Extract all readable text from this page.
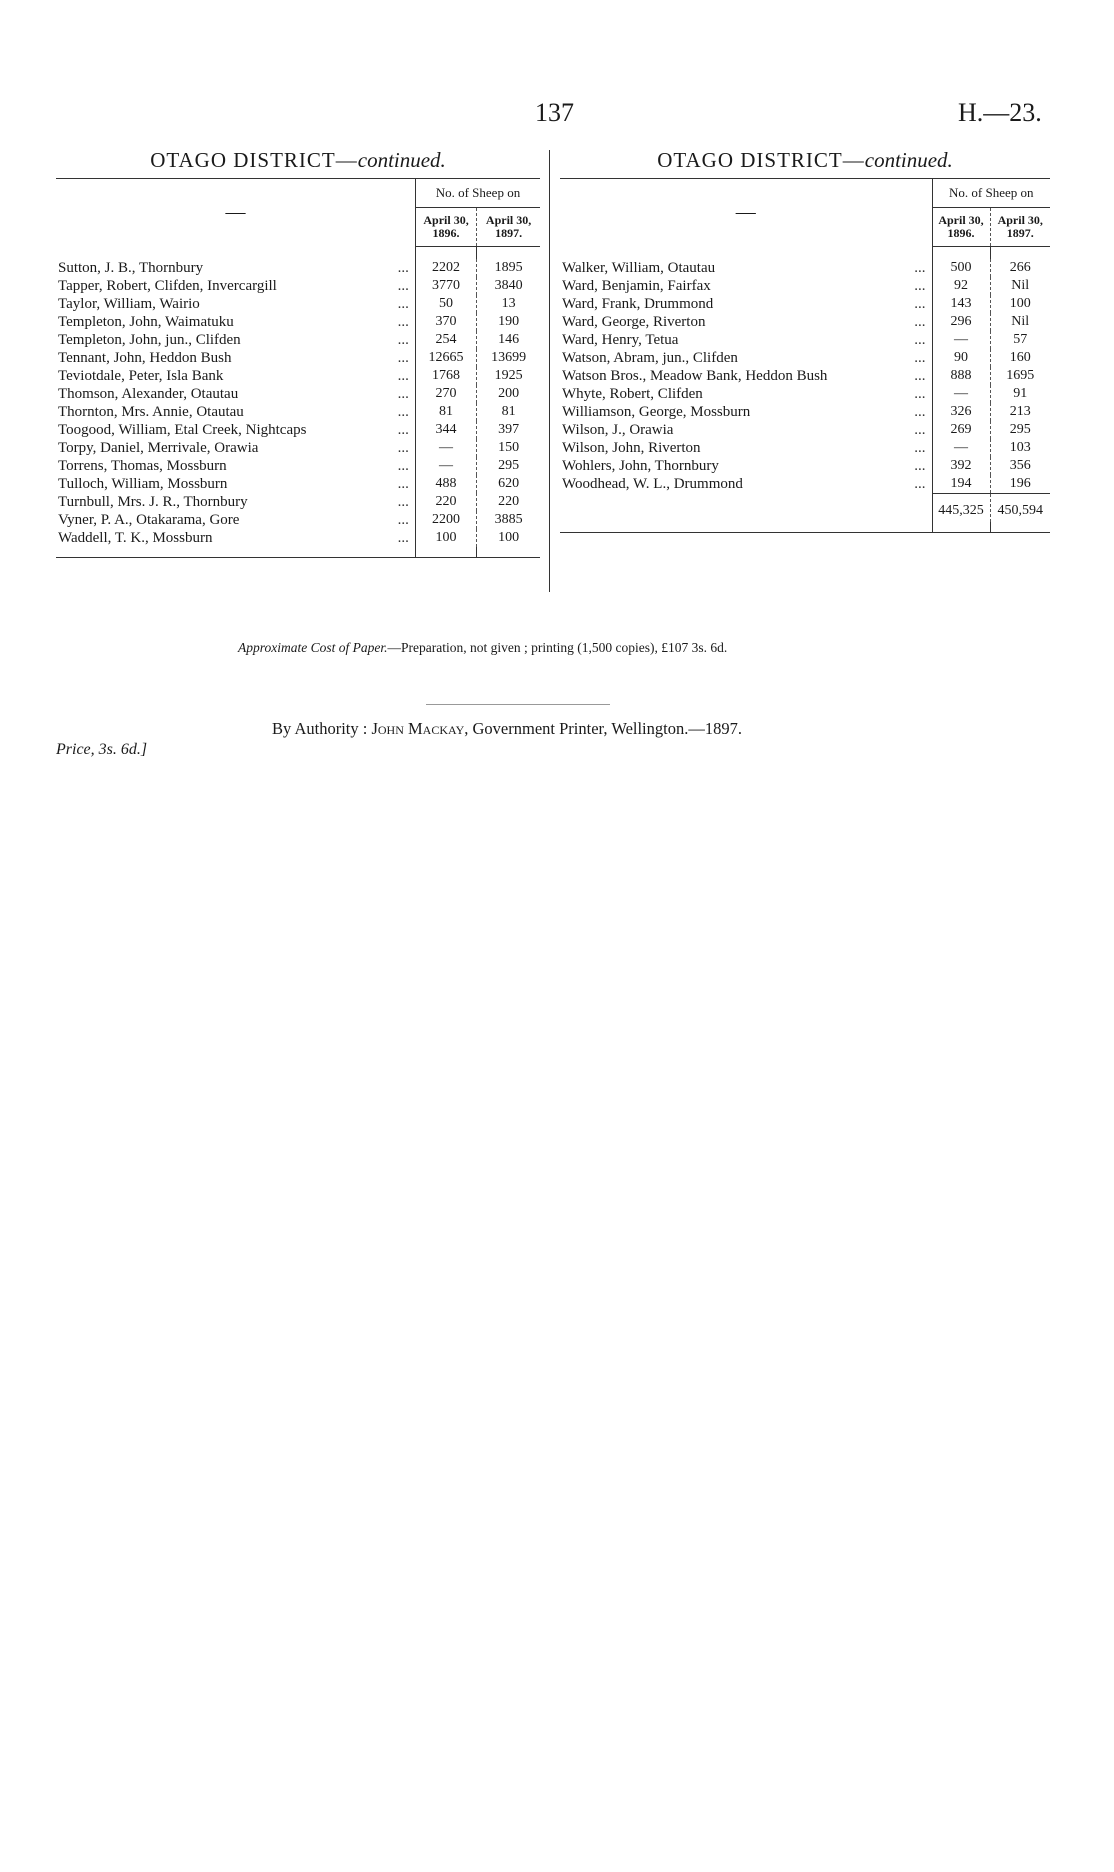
137	H.—23.
OTAGO DISTRICT—continued.
—	No. of Sheep on	
	April 30, 1896.	April 30, 1897.

...
Sutton, J. B., Thornbury	2202	1895

...
Tapper, Robert, Clifden, Invercargill	3770	3840

...
Taylor, William, Wairio	50	13

...
Templeton, John, Waimatuku	370	190

...
Templeton, John, jun., Clifden	254	146

...
Tennant, John, Heddon Bush	12665	13699

...
Teviotdale, Peter, Isla Bank	1768	1925

...
Thomson, Alexander, Otautau	270	200

...
Thornton, Mrs. Annie, Otautau	81	81

...
Toogood, William, Etal Creek, Nightcaps	344	397

...
Torpy, Daniel, Merrivale, Orawia	—	150

...
Torrens, Thomas, Mossburn	—	295

...
Tulloch, William, Mossburn	488	620

...
Turnbull, Mrs. J. R., Thornbury	220	220

...
Vyner, P. A., Otakarama, Gore	2200	3885

...
Waddell, T. K., Mossburn	100	100

OTAGO DISTRICT—continued.
—	No. of Sheep on	
	April 30, 1896.	April 30, 1897.

...
Walker, William, Otautau	500	266

...
Ward, Benjamin, Fairfax	92	Nil

...
Ward, Frank, Drummond	143	100

...
Ward, George, Riverton	296	Nil

...
Ward, Henry, Tetua	—	57

...
Watson, Abram, jun., Clifden	90	160

...
Watson Bros., Meadow Bank, Heddon Bush	888	1695

...
Whyte, Robert, Clifden	—	91

...
Williamson, George, Mossburn	326	213

...
Wilson, J., Orawia	269	295

...
Wilson, John, Riverton	—	103

...
Wohlers, John, Thornbury	392	356

...
Woodhead, W. L., Drummond	194	196
	445,325	450,594

Approximate Cost of Paper.—Preparation, not given ; printing (1,500 copies), £107 3s. 6d.
By Authority : John Mackay, Government Printer, Wellington.—1897.
Price, 3s. 6d.]
